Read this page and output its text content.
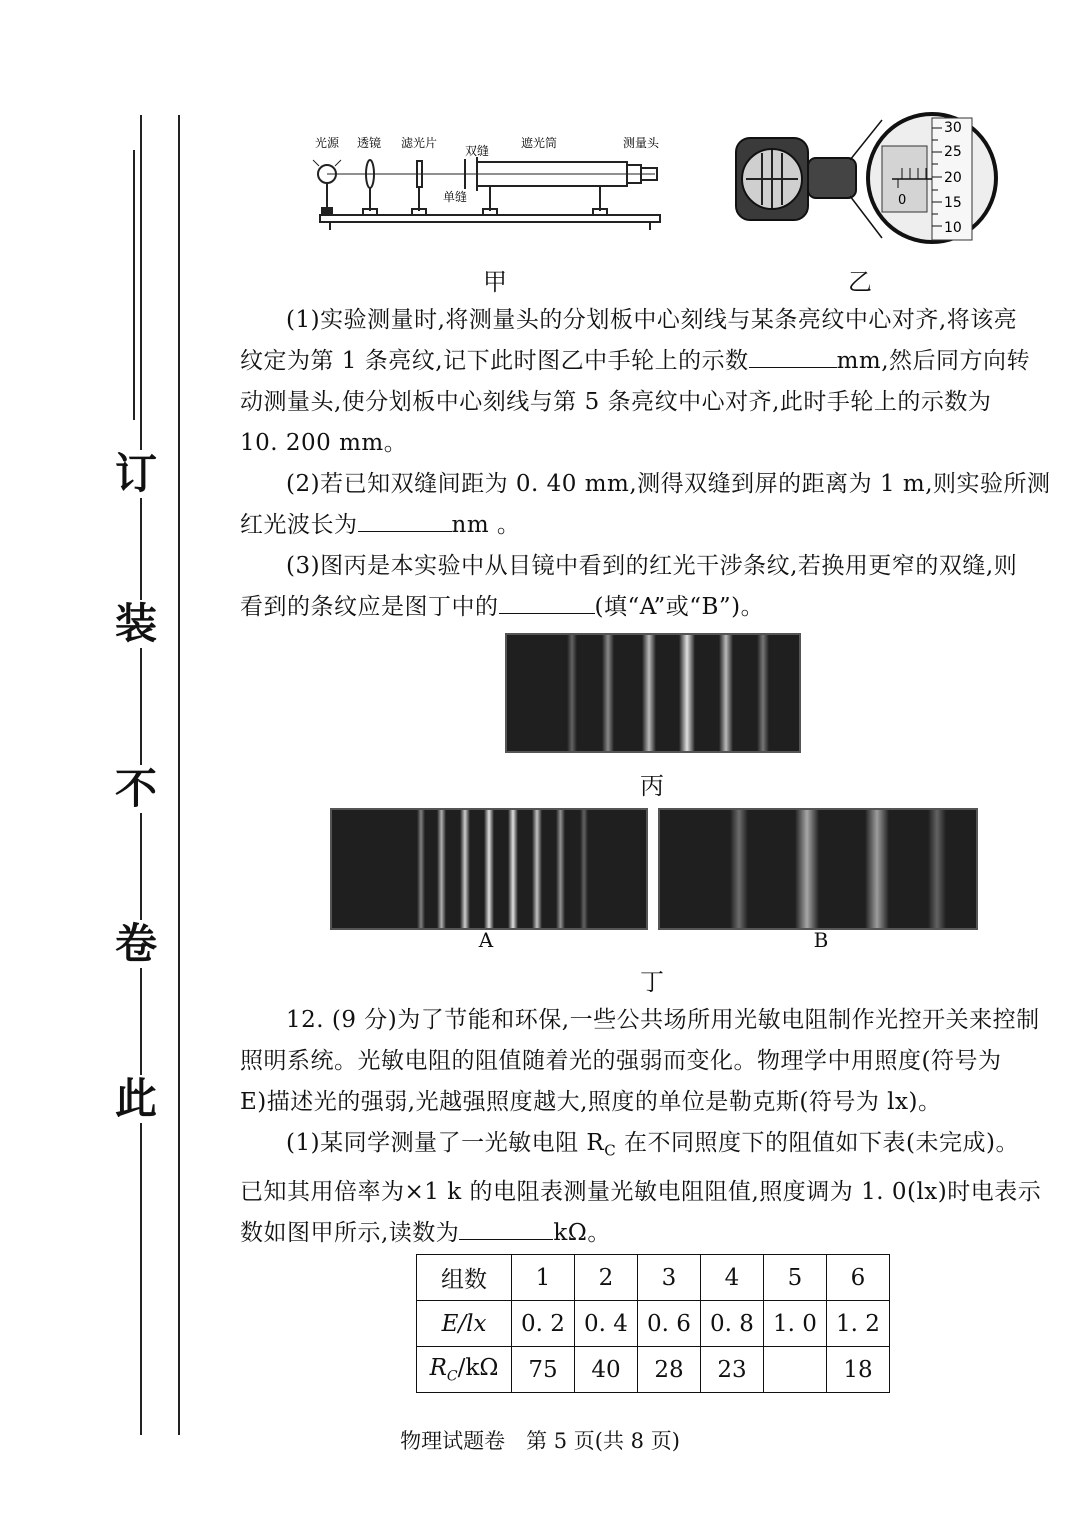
订
装
不
卷
此
光源 透镜 滤光片
双缝
遮光筒	测量头
单缝
甲
30
25
20
15
10
0
乙
(1)实验测量时,将测量头的分划板中心刻线与某条亮纹中心对齐,将该亮
纹定为第 1 条亮纹,记下此时图乙中手轮上的示数	mm,然后同方向转
动测量头,使分划板中心刻线与第 5 条亮纹中心对齐,此时手轮上的示数为
10. 200 mm。
(2)若已知双缝间距为 0. 40 mm,测得双缝到屏的距离为 1 m,则实验所测
红光波长为	nm 。
(3)图丙是本实验中从目镜中看到的红光干涉条纹,若换用更窄的双缝,则
看到的条纹应是图丁中的	(填“A”或“B”)。
丙
A	B
丁
12. (9 分)为了节能和环保,一些公共场所用光敏电阻制作光控开关来控制
照明系统。光敏电阻的阻值随着光的强弱而变化。物理学中用照度(符号为
E)描述光的强弱,光越强照度越大,照度的单位是勒克斯(符号为 lx)。
(1)某同学测量了一光敏电阻 $R_C$ 在不同照度下的阻值如下表(未完成)。
已知其用倍率为×1 k 的电阻表测量光敏电阻阻值,照度调为 1. 0(lx)时电表示
数如图甲所示,读数为	kΩ。
组数	1	2	3	4	5	6
E/lx	0. 2	0. 4	0. 6	0. 8	1. 0	1. 2
$R_C/k\Omega$	75	40	28	23		18
物理试题卷　第 5 页(共 8 页)
